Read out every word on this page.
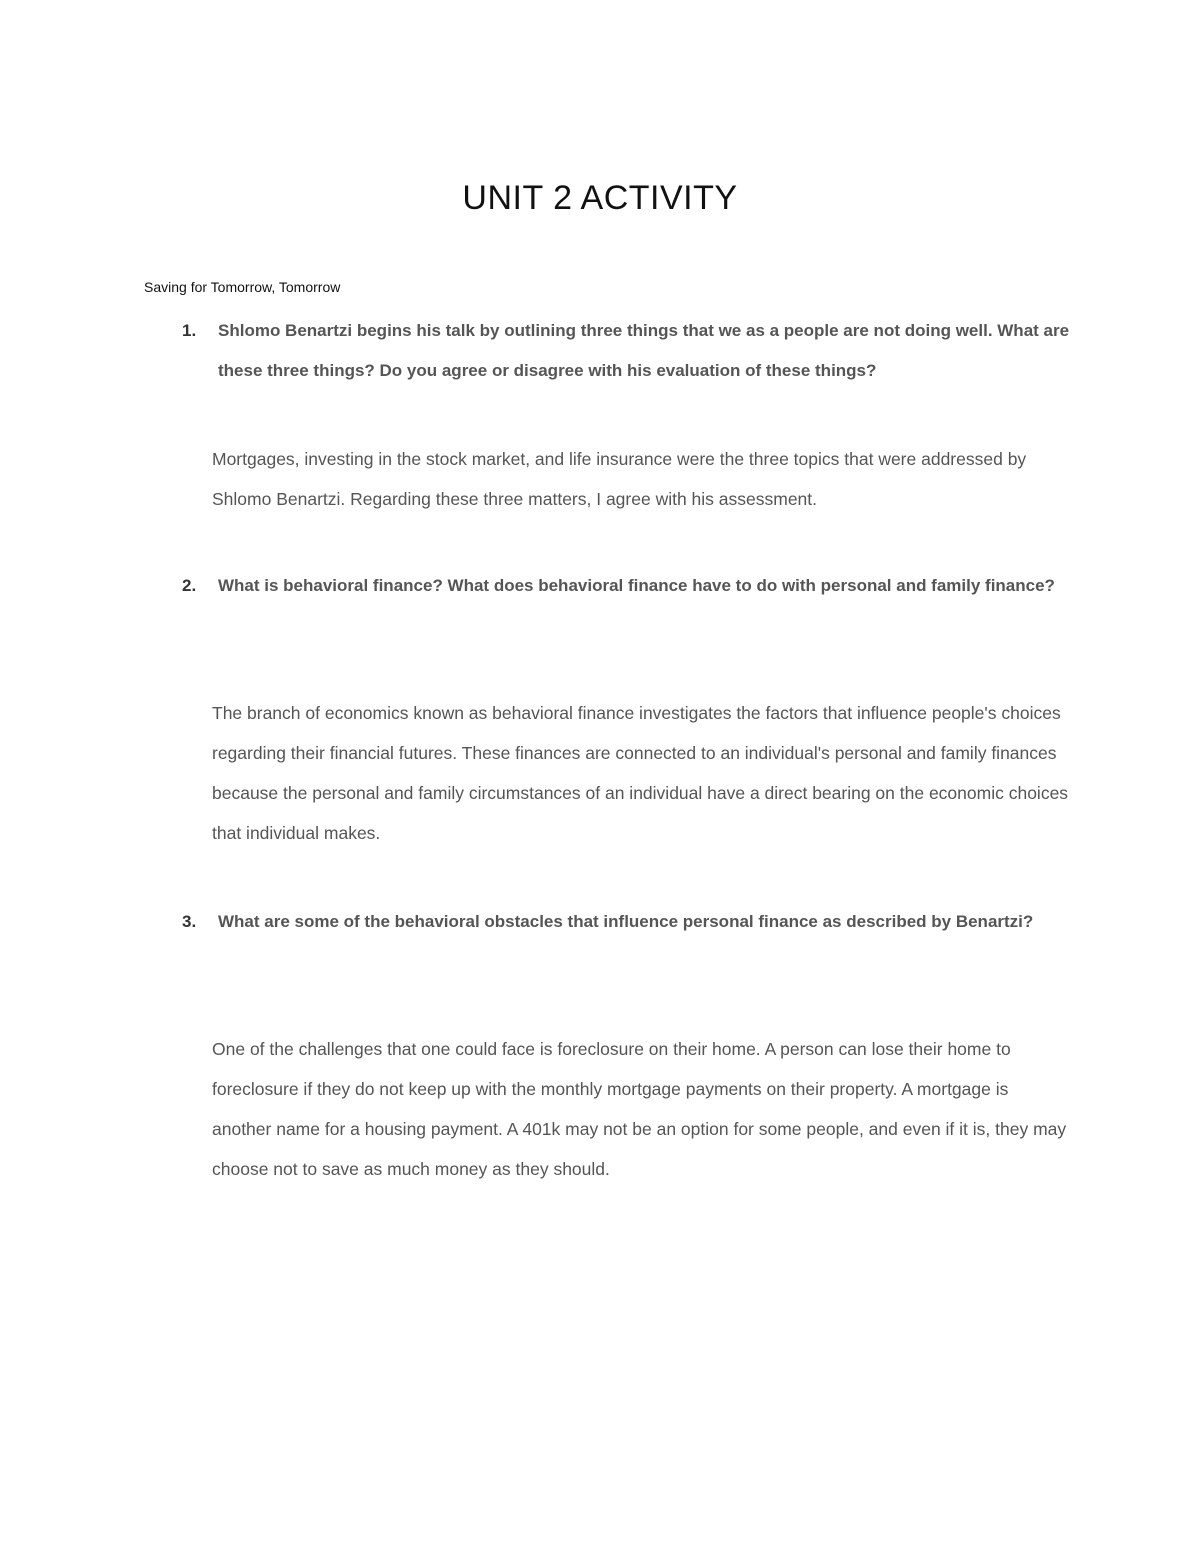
UNIT 2 ACTIVITY
Saving for Tomorrow, Tomorrow
1. Shlomo Benartzi begins his talk by outlining three things that we as a people are not doing well. What are these three things? Do you agree or disagree with his evaluation of these things?
Mortgages, investing in the stock market, and life insurance were the three topics that were addressed by Shlomo Benartzi. Regarding these three matters, I agree with his assessment.
2. What is behavioral finance? What does behavioral finance have to do with personal and family finance?
The branch of economics known as behavioral finance investigates the factors that influence people's choices regarding their financial futures. These finances are connected to an individual's personal and family finances because the personal and family circumstances of an individual have a direct bearing on the economic choices that individual makes.
3. What are some of the behavioral obstacles that influence personal finance as described by Benartzi?
One of the challenges that one could face is foreclosure on their home. A person can lose their home to foreclosure if they do not keep up with the monthly mortgage payments on their property. A mortgage is another name for a housing payment. A 401k may not be an option for some people, and even if it is, they may choose not to save as much money as they should.
